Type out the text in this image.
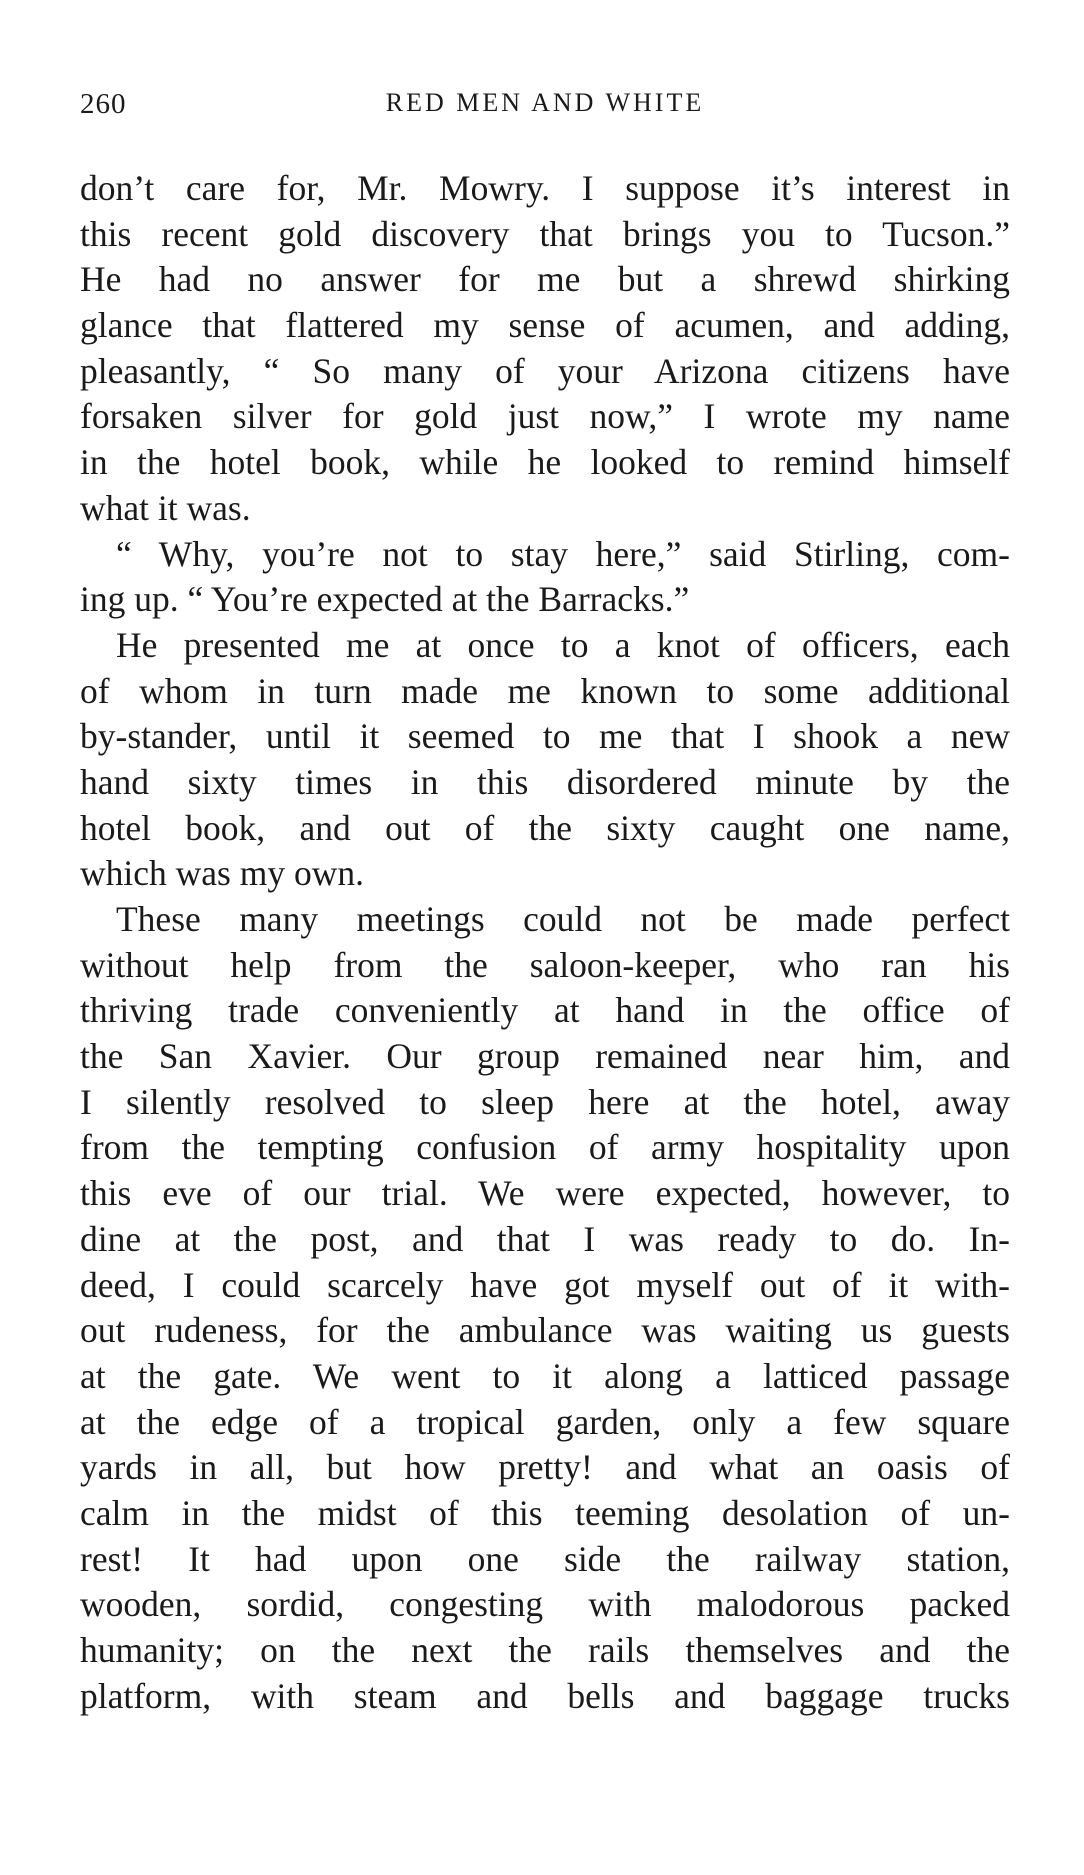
260	RED MEN AND WHITE
don’t care for, Mr. Mowry. I suppose it’s interest in
this recent gold discovery that brings you to Tucson.”
He had no answer for me but a shrewd shirking
glance that flattered my sense of acumen, and adding,
pleasantly, “ So many of your Arizona citizens have
forsaken silver for gold just now,” I wrote my name
in the hotel book, while he looked to remind himself
what it was.
“ Why, you’re not to stay here,” said Stirling, com-
ing up. “ You’re expected at the Barracks.”
He presented me at once to a knot of officers, each
of whom in turn made me known to some additional
by-stander, until it seemed to me that I shook a new
hand sixty times in this disordered minute by the
hotel book, and out of the sixty caught one name,
which was my own.
These many meetings could not be made perfect
without help from the saloon-keeper, who ran his
thriving trade conveniently at hand in the office of
the San Xavier. Our group remained near him, and
I silently resolved to sleep here at the hotel, away
from the tempting confusion of army hospitality upon
this eve of our trial. We were expected, however, to
dine at the post, and that I was ready to do. In-
deed, I could scarcely have got myself out of it with-
out rudeness, for the ambulance was waiting us guests
at the gate. We went to it along a latticed passage
at the edge of a tropical garden, only a few square
yards in all, but how pretty! and what an oasis of
calm in the midst of this teeming desolation of un-
rest! It had upon one side the railway station,
wooden, sordid, congesting with malodorous packed
humanity; on the next the rails themselves and the
platform, with steam and bells and baggage trucks
